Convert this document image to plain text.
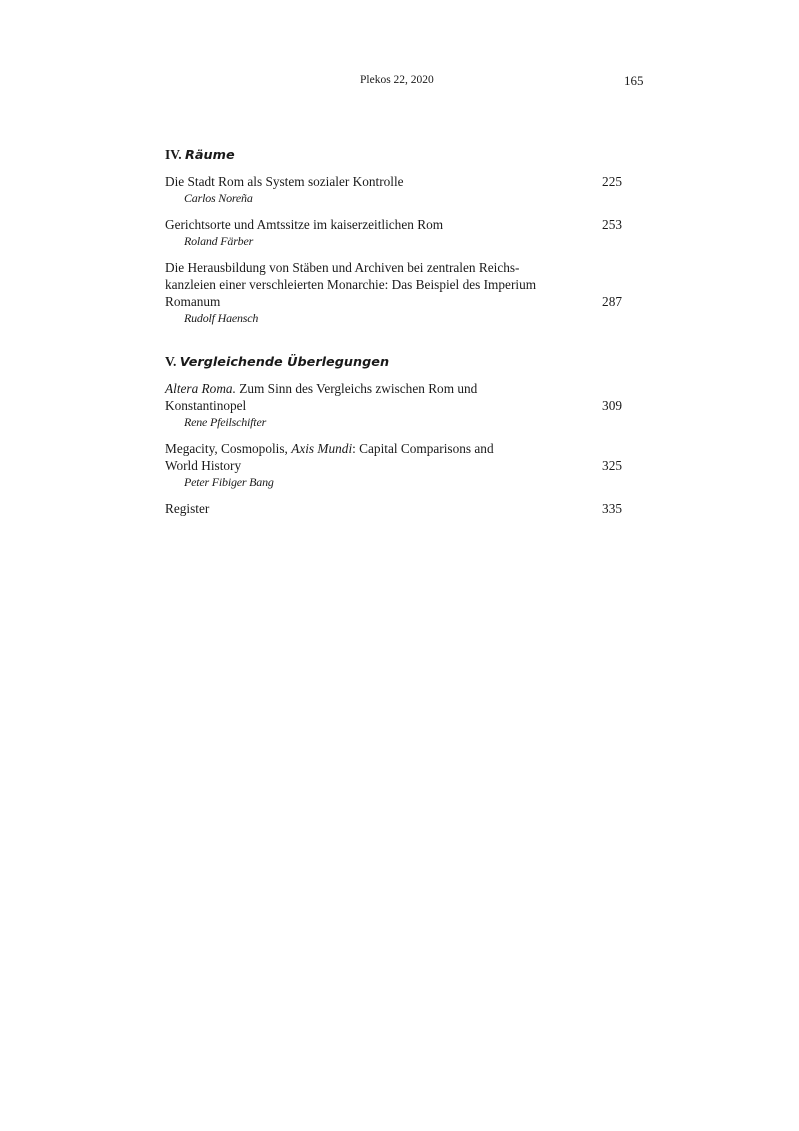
Plekos 22, 2020	165
IV. Räume
Die Stadt Rom als System sozialer Kontrolle
Carlos Noreña
225
Gerichtsorte und Amtssitze im kaiserzeitlichen Rom
Roland Färber
253
Die Herausbildung von Stäben und Archiven bei zentralen Reichs-
kanzleien einer verschleierten Monarchie: Das Beispiel des Imperium
Romanum
Rudolf Haensch
287
V. Vergleichende Überlegungen
Altera Roma. Zum Sinn des Vergleichs zwischen Rom und
Konstantinopel
Rene Pfeilschifter
309
Megacity, Cosmopolis, Axis Mundi: Capital Comparisons and
World History
Peter Fibiger Bang
325
Register	335
